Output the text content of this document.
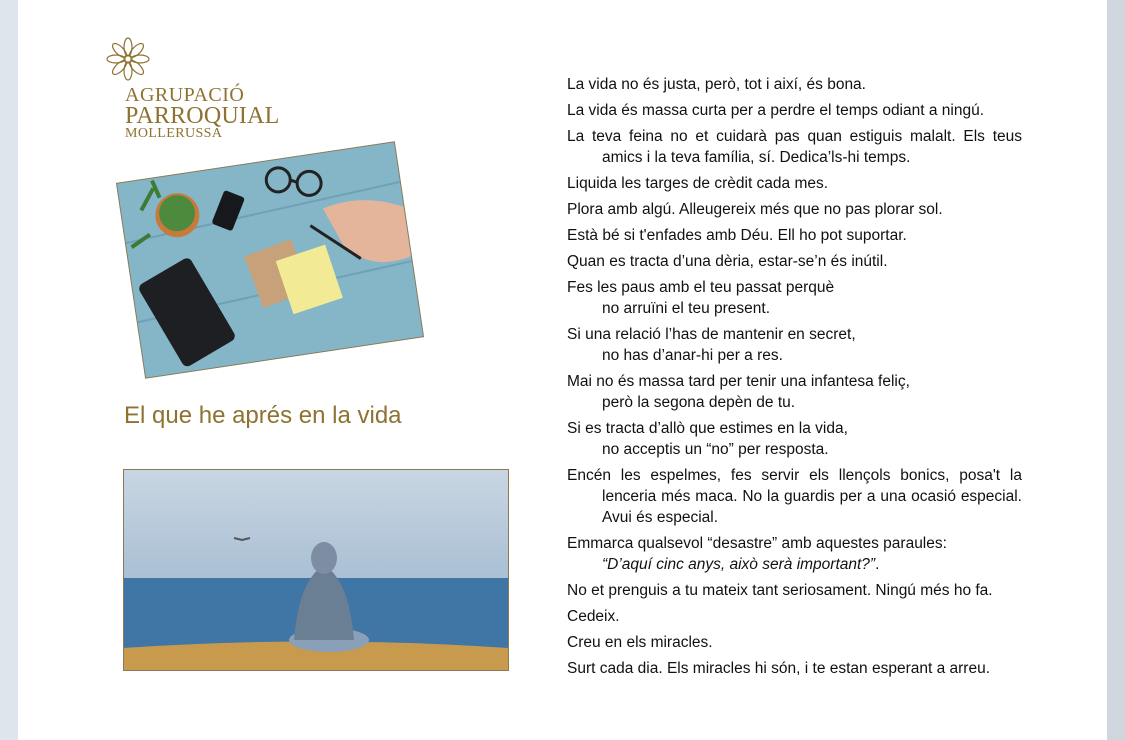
AGRUPACIÓ
PARROQUIAL
MOLLERUSSA
El que he aprés en la vida

La vida no és justa, però, tot i així, és bona.

La vida és massa curta per a perdre el temps odiant a ningú.

La teva feina no et cuidarà pas quan estiguis malalt. Els teus amics i la teva família, sí. Dedica’ls-hi temps.

Liquida les targes de crèdit cada mes.

Plora amb algú. Alleugereix més que no pas plorar sol.

Està bé si t'enfades amb Déu. Ell ho pot suportar.

Quan es tracta d’una dèria, estar-se’n és inútil.

Fes les paus amb el teu passat perquè
no arruïni el teu present.

Si una relació l’has de mantenir en secret,
no has d’anar-hi per a res.

Mai no és massa tard per tenir una infantesa feliç,
però la segona depèn de tu.

Si es tracta d’allò que estimes en la vida,
no acceptis un “no” per resposta.

Encén les espelmes, fes servir els llençols bonics, posa't la lenceria més maca. No la guardis per a una ocasió especial. Avui és especial.

Emmarca qualsevol “desastre” amb aquestes paraules:
“D’aquí cinc anys, això serà important?”.

No et prenguis a tu mateix tant seriosament. Ningú més ho fa.

Cedeix.

Creu en els miracles.

Surt cada dia. Els miracles hi són, i te estan esperant a arreu.
